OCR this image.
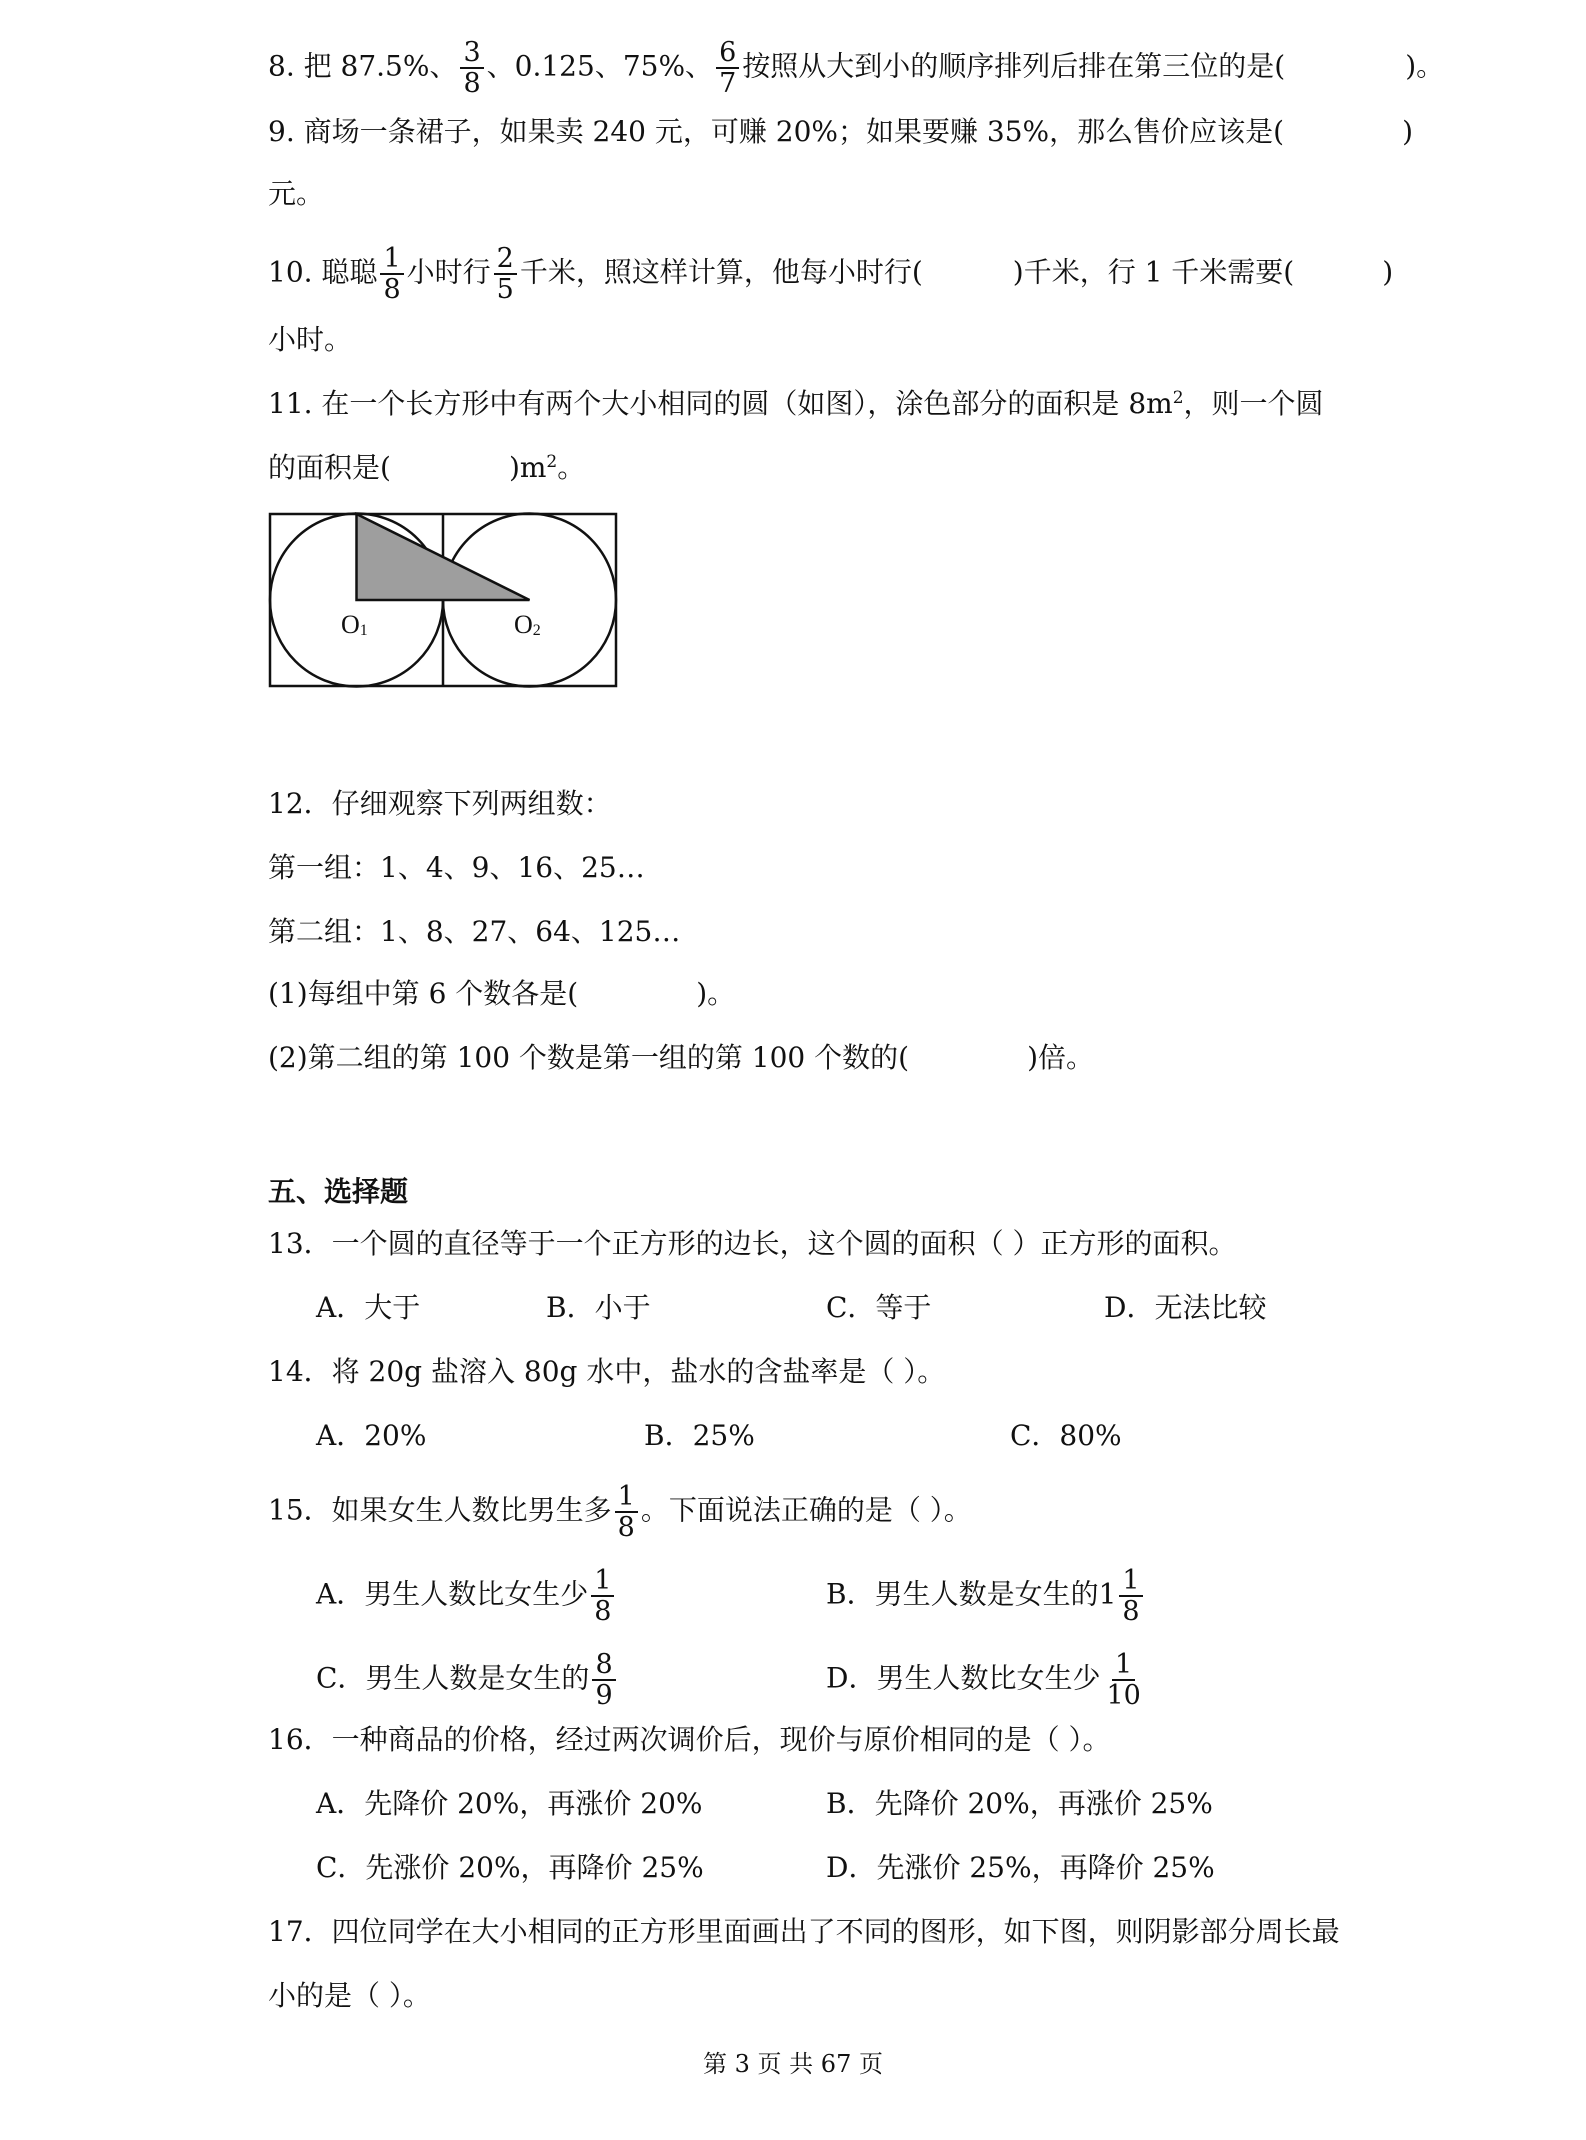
8. 把 87.5%、 $\frac{3}{8}$ 、0.125、75%、 $\frac{6}{7}$ 按照从大到小的顺序排列后排在第三位的是(	)。
9. 商场一条裙子，如果卖 240 元，可赚 20%；如果要赚 35%，那么售价应该是(	)
元。
10. 聪聪 $\frac{1}{8}$ 小时行 $\frac{2}{5}$ 千米，照这样计算，他每小时行(	)千米，行 1 千米需要(	)
小时。
11. 在一个长方形中有两个大小相同的圆（如图），涂色部分的面积是 $8m^2$，则一个圆
的面积是(	)$m^2$。
O1	O2
12．仔细观察下列两组数：
第一组：1、4、9、16、25…
第二组：1、8、27、64、125…
(1)每组中第 6 个数各是(	)。
(2)第二组的第 100 个数是第一组的第 100 个数的(	)倍。
五、选择题
13．一个圆的直径等于一个正方形的边长，这个圆的面积（ ）正方形的面积。
A．大于	B．小于	C．等于	D．无法比较
14．将 20g 盐溶入 80g 水中，盐水的含盐率是（ ）。
A．20%	B．25%	C．80%
15．如果女生人数比男生多 $\frac{1}{8}$ 。下面说法正确的是（ ）。
A．男生人数比女生少 $\frac{1}{8}$	B．男生人数是女生的$1 \frac{1}{8}$
C．男生人数是女生的 $\frac{8}{9}$	D．男生人数比女生少 $\frac{1}{10}$
16．一种商品的价格，经过两次调价后，现价与原价相同的是（ ）。
A．先降价 20%，再涨价 20%	B．先降价 20%，再涨价 25%
C．先涨价 20%，再降价 25%	D．先涨价 25%，再降价 25%
17．四位同学在大小相同的正方形里面画出了不同的图形，如下图，则阴影部分周长最
小的是（ ）。
第 3 页 共 67 页
